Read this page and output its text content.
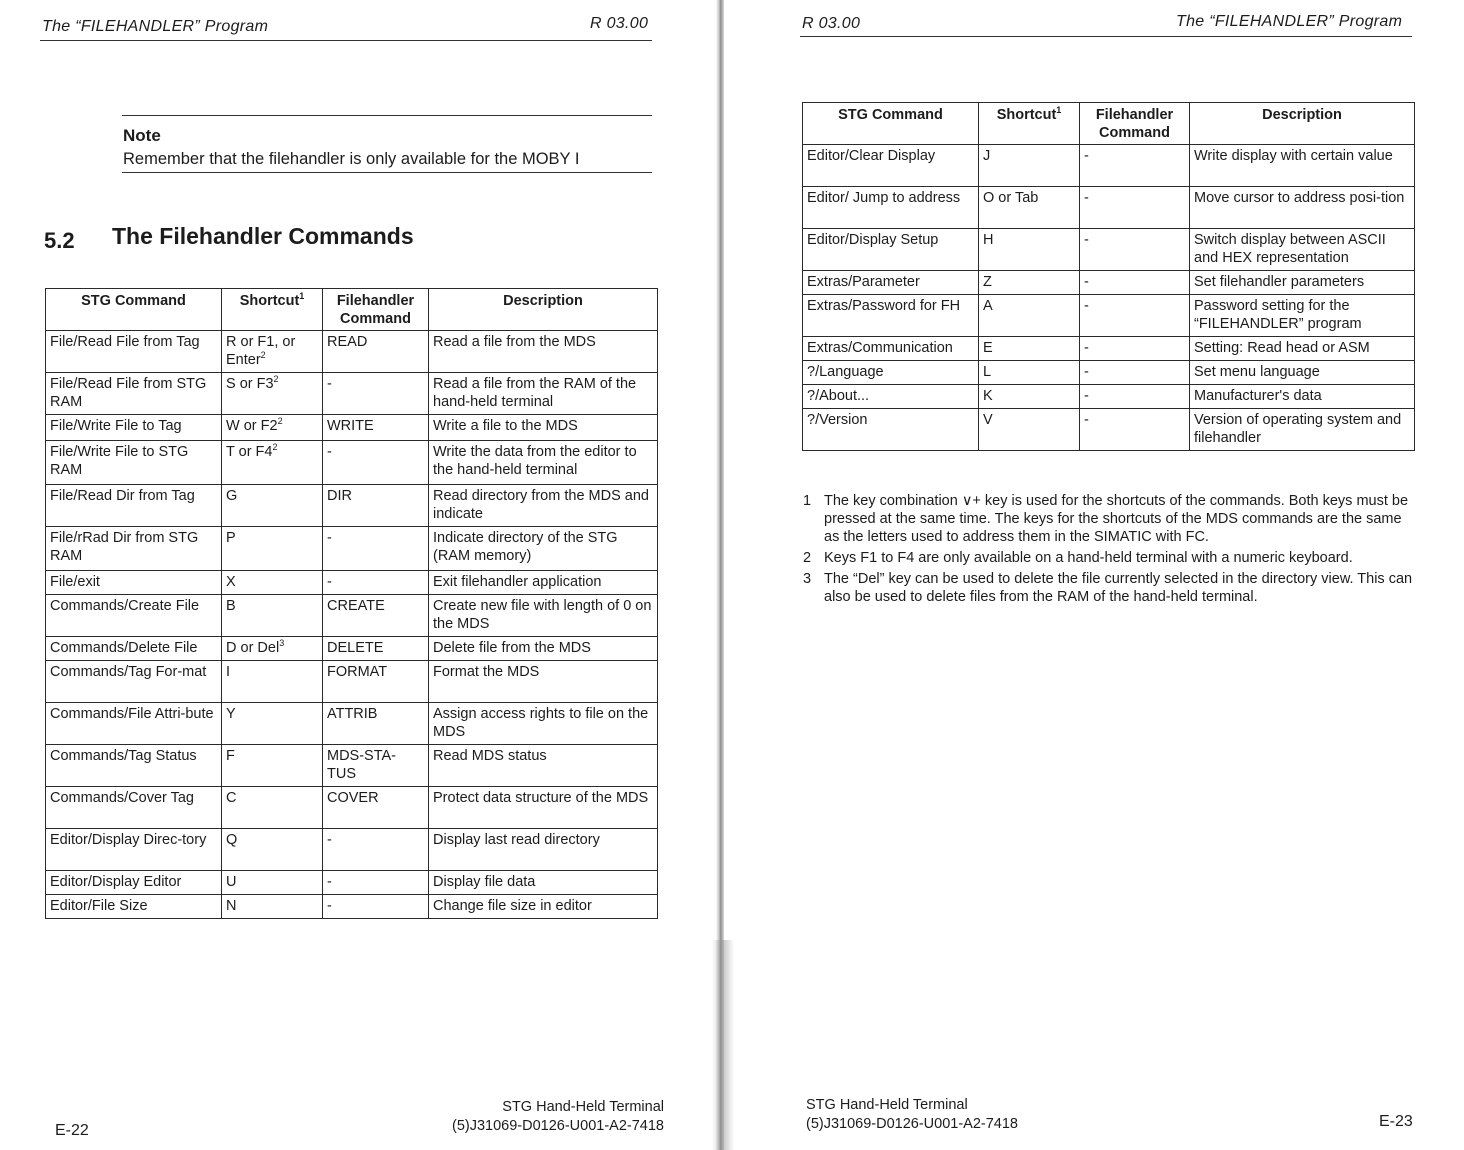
The “FILEHANDLER” Program	R 03.00
Note
Remember that the filehandler is only available for the MOBY I
5.2 The Filehandler Commands
STG Command	Shortcut$^1$	Filehandler Command	Description
File/Read File from Tag	R or F1, or Enter$^2$	READ	Read a file from the MDS
File/Read File from STG RAM	S or $F3^2$	-	Read a file from the RAM of the hand-held terminal
File/Write File to Tag	W or $F2^2$	WRITE	Write a file to the MDS
File/Write File to STG RAM	T or $F4^2$	-	Write the data from the editor to the hand-held terminal
File/Read Dir from Tag	G	DIR	Read directory from the MDS and indicate
File/rRad Dir from STG RAM	P	-	Indicate directory of the STG (RAM memory)
File/exit	X	-	Exit filehandler application
Commands/Create File	B	CREATE	Create new file with length of 0 on the MDS
Commands/Delete File	D or Del$^3$	DELETE	Delete file from the MDS
Commands/Tag For-mat	I	FORMAT	Format the MDS
Commands/File Attri-bute	Y	ATTRIB	Assign access rights to file on the MDS
Commands/Tag Status	F	MDS-STA-TUS	Read MDS status
Commands/Cover Tag	C	COVER	Protect data structure of the MDS
Editor/Display Direc-tory	Q	-	Display last read directory
Editor/Display Editor	U	-	Display file data
Editor/File Size	N	-	Change file size in editor
E-22
STG Hand-Held Terminal
(5)J31069-D0126-U001-A2-7418
R 03.00	The “FILEHANDLER” Program
STG Command	Shortcut$^1$	Filehandler Command	Description
Editor/Clear Display	J	-	Write display with certain value
Editor/ Jump to address	O or Tab	-	Move cursor to address posi-tion
Editor/Display Setup	H	-	Switch display between ASCII and HEX representation
Extras/Parameter	Z	-	Set filehandler parameters
Extras/Password for FH	A	-	Password setting for the “FILEHANDLER” program
Extras/Communication	E	-	Setting: Read head or ASM
?/Language	L	-	Set menu language
?/About...	K	-	Manufacturer's data
?/Version	V	-	Version of operating system and filehandler
STG Hand-Held Terminal
(5)J31069-D0126-U001-A2-7418	E-23
1 The key combination ∨+ key is used for the shortcuts of the commands. Both keys must be pressed at the same time. The keys for the shortcuts of the MDS commands are the same as the letters used to address them in the SIMATIC with FC.
2 Keys F1 to F4 are only available on a hand-held terminal with a numeric keyboard.
3 The “Del” key can be used to delete the file currently selected in the directory view. This can also be used to delete files from the RAM of the hand-held terminal.
